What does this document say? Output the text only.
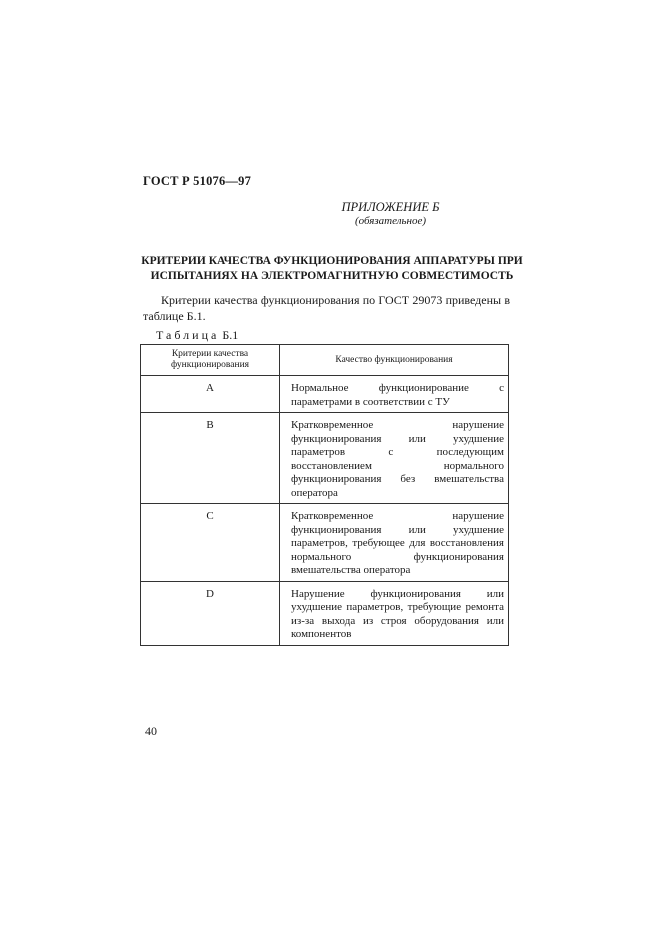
ГОСТ Р 51076—97
ПРИЛОЖЕНИЕ Б
(обязательное)
КРИТЕРИИ КАЧЕСТВА ФУНКЦИОНИРОВАНИЯ АППАРАТУРЫ ПРИ
ИСПЫТАНИЯХ НА ЭЛЕКТРОМАГНИТНУЮ СОВМЕСТИМОСТЬ
Критерии качества функционирования по ГОСТ 29073 приведены в таблице Б.1.
Таблица Б.1
Критерии качества функционирования	Качество функционирования
A	Нормальное функционирование с параметрами в соответствии с ТУ
B	Кратковременное нарушение функционирования или ухудшение параметров с последующим восстановлением нормального функционирования без вмешательства оператора
C	Кратковременное нарушение функционирования или ухудшение параметров, требующее для восстановления нормального функционирования вмешательства оператора
D	Нарушение функционирования или ухудшение параметров, требующие ремонта из-за выхода из строя оборудования или компонентов
40
